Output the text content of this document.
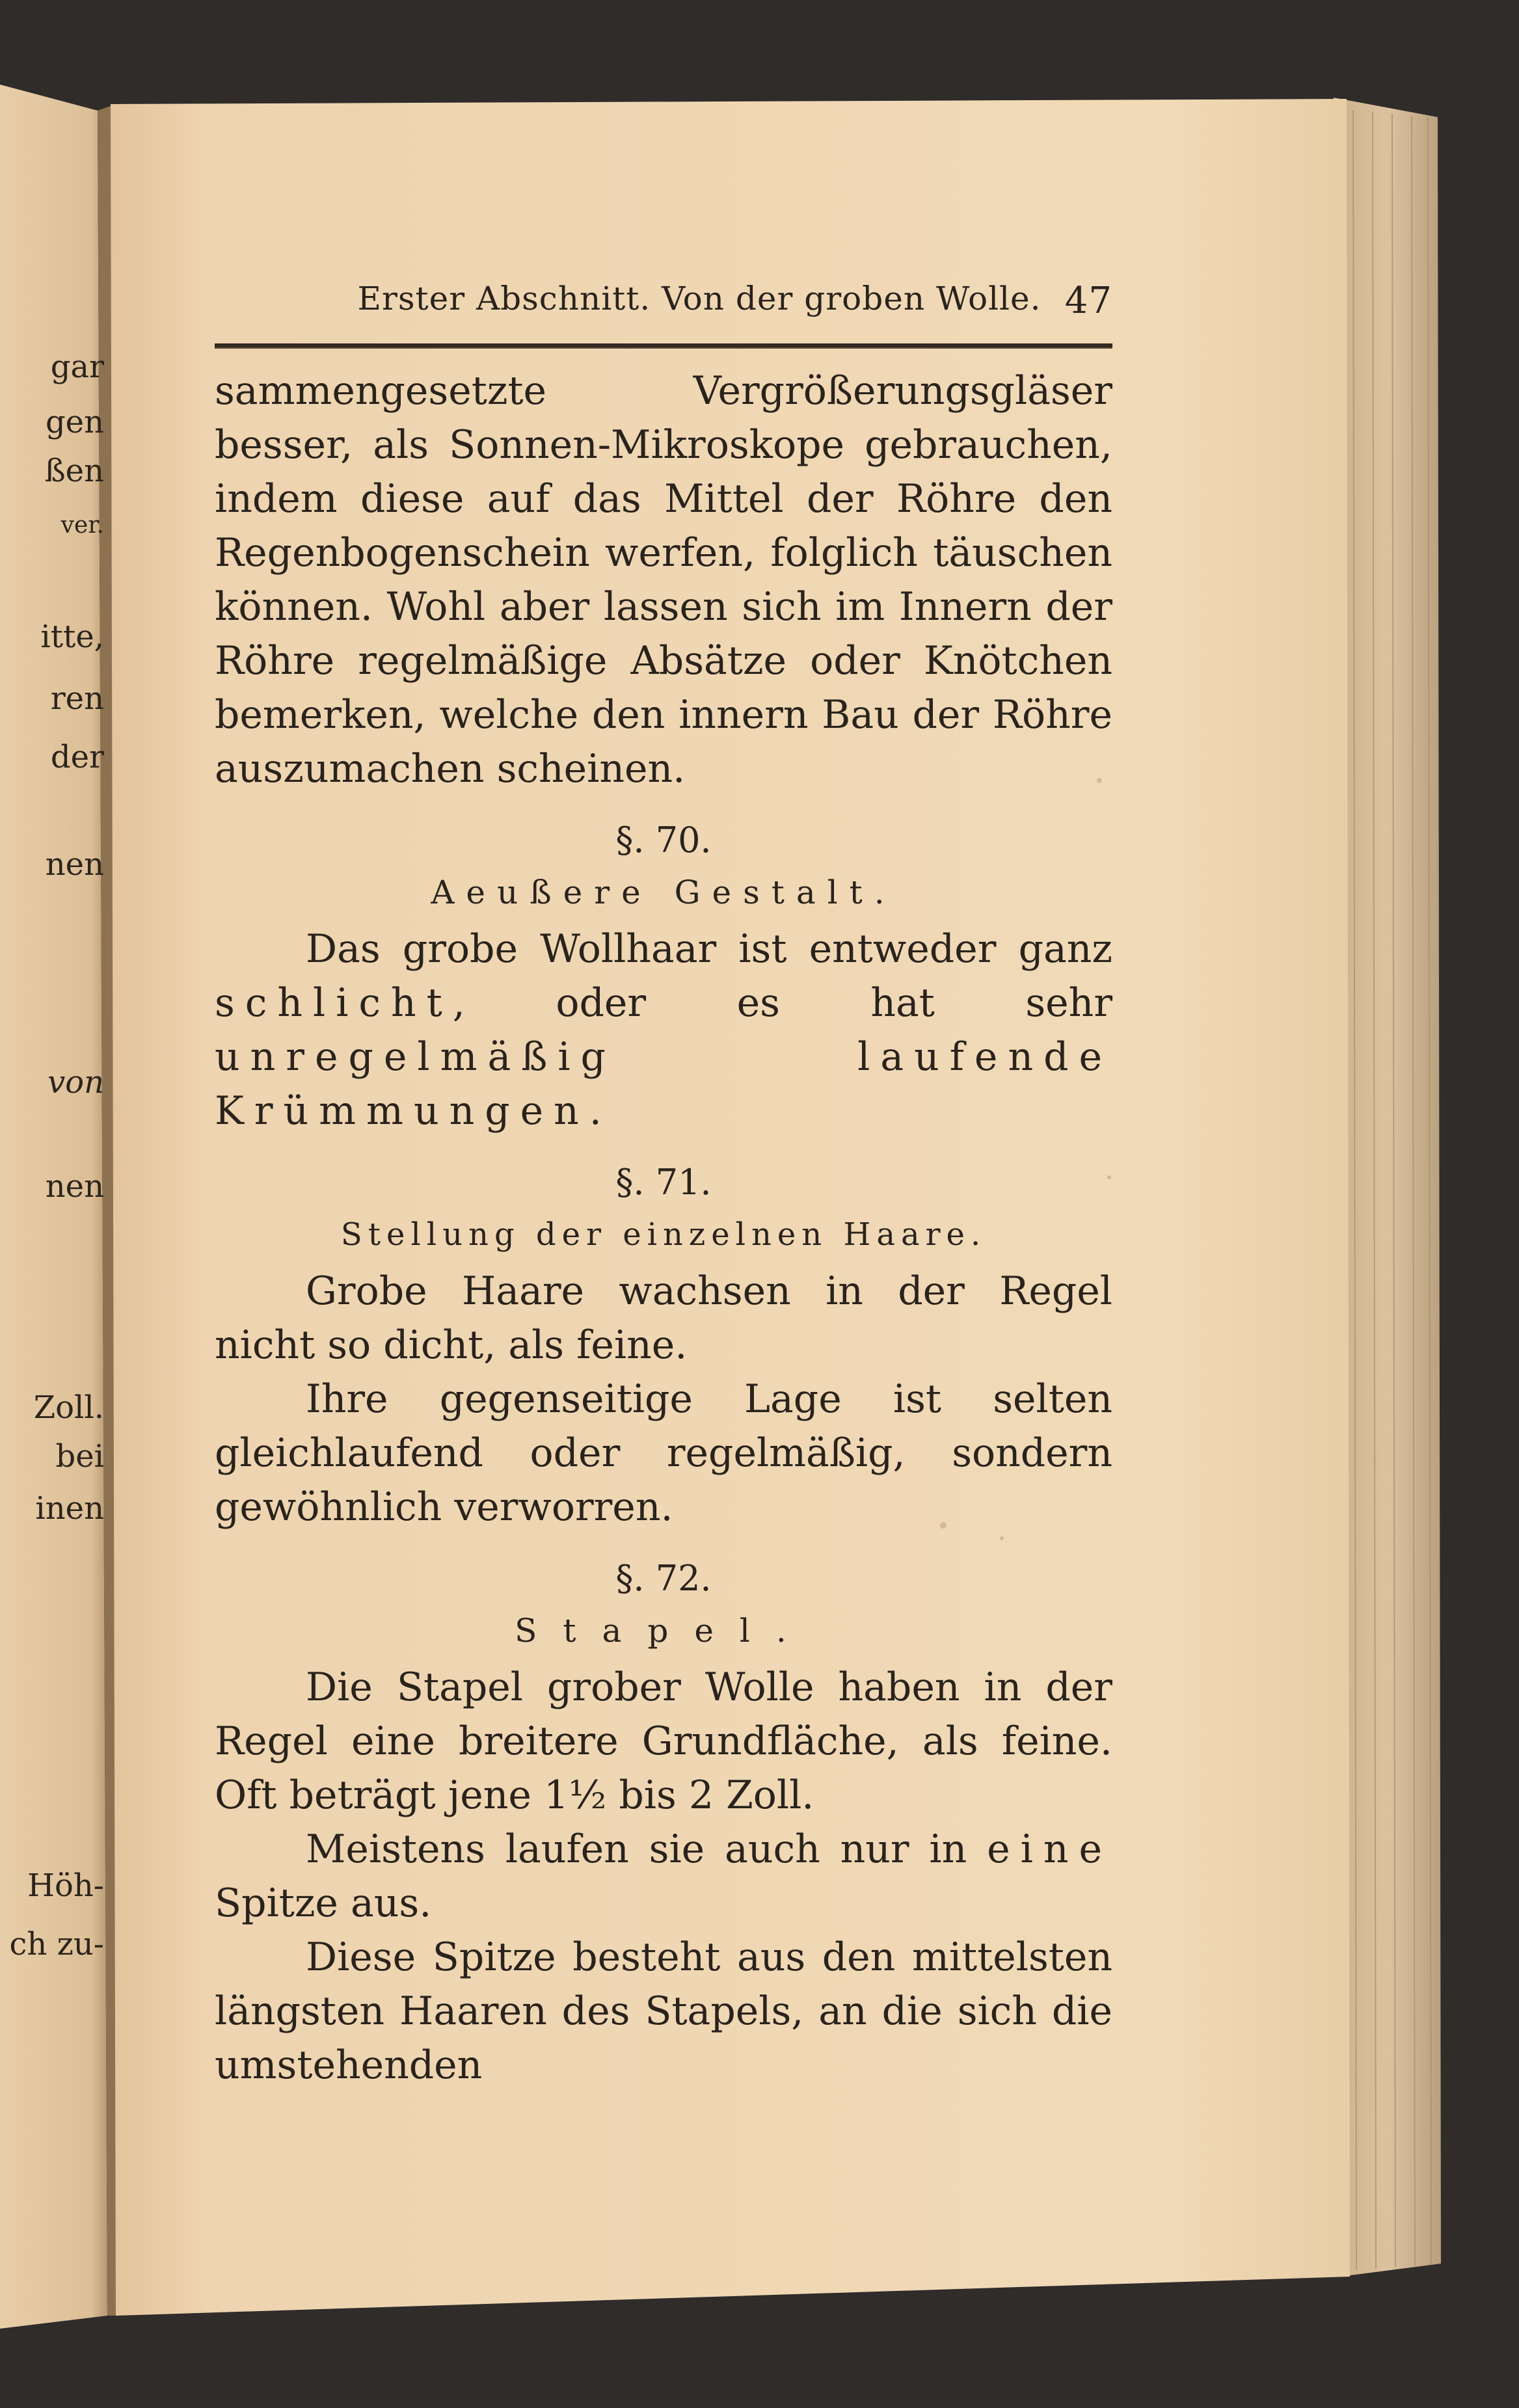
gar
gen
ßen
ver.
itte,
ren
der
nen
von
nen
Zoll.
bei
inen
Höh-
ch zu-
Erster Abschnitt. Von der groben Wolle. 47

sammengesetzte Vergrößerungsgläser besser, als Sonnen-Mikroskope gebrauchen, indem diese auf das Mittel der Röhre den Regenbogenschein werfen, folglich täuschen können. Wohl aber lassen sich im Innern der Röhre regelmäßige Absätze oder Knötchen bemerken, welche den innern Bau der Röhre auszumachen scheinen.

§. 70.
Aeußere Gestalt.

Das grobe Wollhaar ist entweder ganz schlicht, oder es hat sehr unregelmäßig laufende Krümmungen.

§. 71.
Stellung der einzelnen Haare.

Grobe Haare wachsen in der Regel nicht so dicht, als feine.

Ihre gegenseitige Lage ist selten gleichlaufend oder regelmäßig, sondern gewöhnlich verworren.

§. 72.
Stapel.

Die Stapel grober Wolle haben in der Regel eine breitere Grundfläche, als feine. Oft beträgt jene 1½ bis 2 Zoll.

Meistens laufen sie auch nur in eine Spitze aus.

Diese Spitze besteht aus den mittelsten längsten Haaren des Stapels, an die sich die umstehenden
